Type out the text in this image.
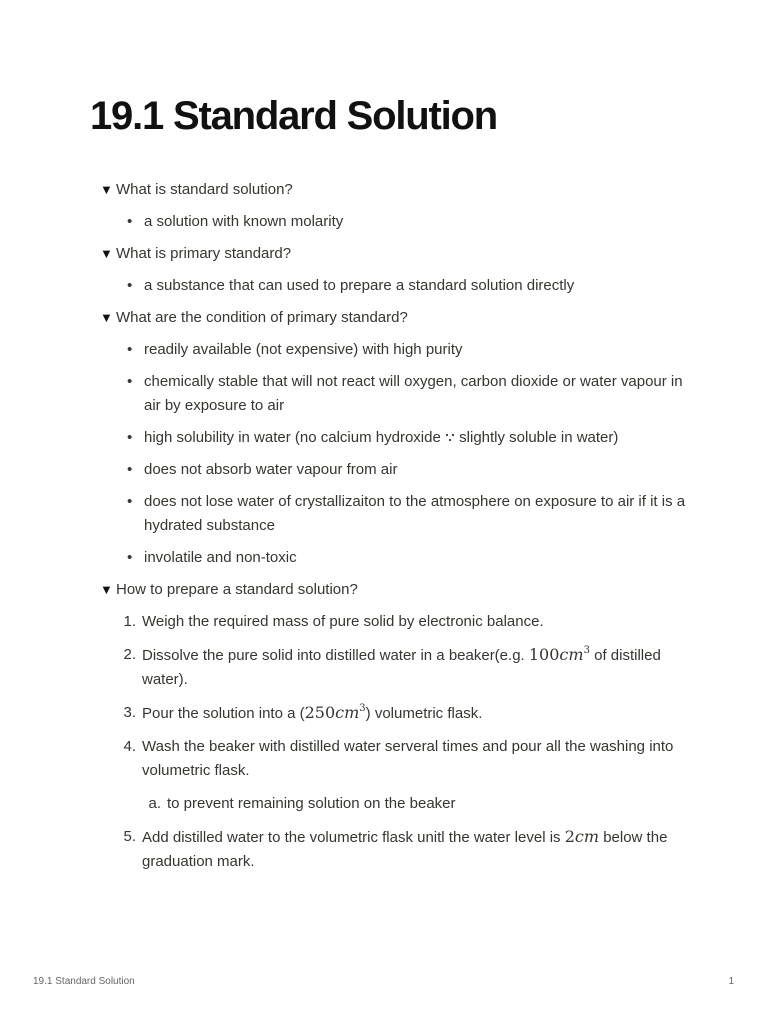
19.1 Standard Solution
▼ What is standard solution?
•
a solution with known molarity
▼ What is primary standard?
•
a substance that can used to prepare a standard solution directly
▼ What are the condition of primary standard?
•
readily available (not expensive) with high purity
•
chemically stable that will not react will oxygen, carbon dioxide or water vapour in air by exposure to air
•
high solubility in water (no calcium hydroxide  slightly soluble in water)
•
does not absorb water vapour from air
•
does not lose water of crystallizaiton to the atmosphere on exposure to air if it is a hydrated substance
•
involatile and non-toxic
▼ How to prepare a standard solution?
1. Weigh the required mass of pure solid by electronic balance.
2. Dissolve the pure solid into distilled water in a beaker(e.g. $100cm^3$ of distilled water).
3. Pour the solution into a $(250cm^3)$ volumetric flask.
4. Wash the beaker with distilled water serveral times and pour all the washing into volumetric flask.
a. to prevent remaining solution on the beaker
5. Add distilled water to the volumetric flask unitl the water level is 2cm below the graduation mark.
19.1 Standard Solution	1
